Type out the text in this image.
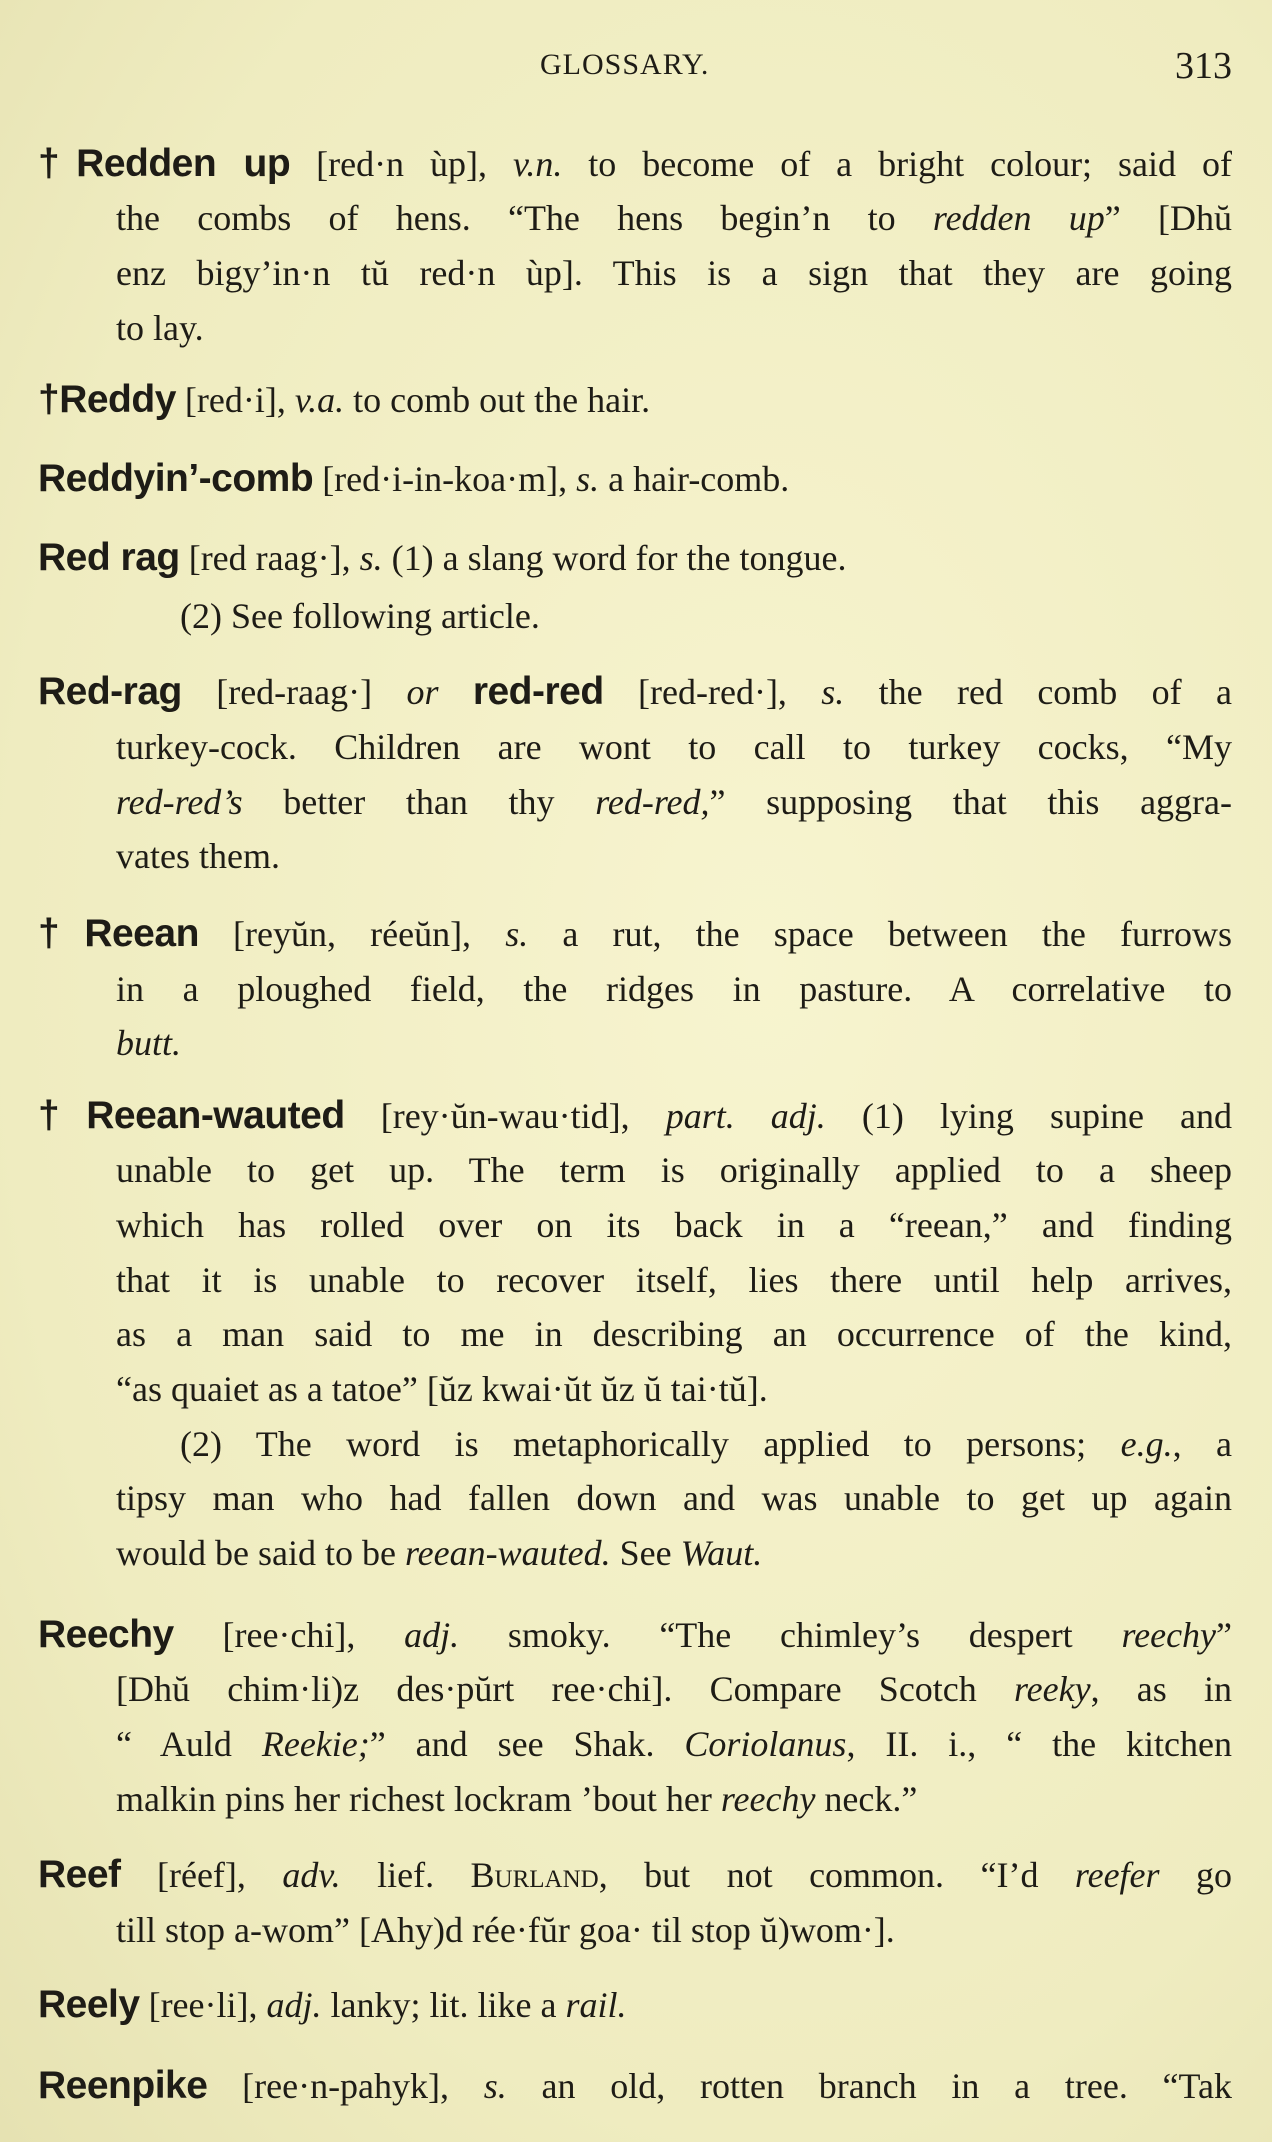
GLOSSARY.	313
†Redden up [red·n ùp], v.n. to become of a bright colour; said of
the combs of hens. “The hens begin’n to redden up” [Dhŭ
enz bigy’in·n tŭ red·n ùp]. This is a sign that they are going
to lay.
†Reddy [red·i], v.a. to comb out the hair.
Reddyin’-comb [red·i-in-koa·m], s. a hair-comb.
Red rag [red raag·], s. (1) a slang word for the tongue.
(2) See following article.
Red-rag [red-raag·] or red-red [red-red·], s. the red comb of a
turkey-cock. Children are wont to call to turkey cocks, “My
red-red’s better than thy red-red,” supposing that this aggra-
vates them.
†Reean [reyŭn, réeŭn], s. a rut, the space between the furrows
in a ploughed field, the ridges in pasture. A correlative to
butt.
†Reean-wauted [rey·ŭn-wau·tid], part. adj. (1) lying supine and
unable to get up. The term is originally applied to a sheep
which has rolled over on its back in a “reean,” and finding
that it is unable to recover itself, lies there until help arrives,
as a man said to me in describing an occurrence of the kind,
“as quaiet as a tatoe” [ŭz kwai·ŭt ŭz ŭ tai·tŭ].
(2) The word is metaphorically applied to persons; e.g., a
tipsy man who had fallen down and was unable to get up again
would be said to be reean-wauted. See Waut.
Reechy [ree·chi], adj. smoky. “The chimley’s despert reechy”
[Dhŭ chim·li)z des·pŭrt ree·chi]. Compare Scotch reeky, as in
“ Auld Reekie;” and see Shak. Coriolanus, II. i., “ the kitchen
malkin pins her richest lockram ’bout her reechy neck.”
Reef [réef], adv. lief. Burland, but not common. “I’d reefer go
till stop a-wom” [Ahy)d rée·fŭr goa· til stop ŭ)wom·].
Reely [ree·li], adj. lanky; lit. like a rail.
Reenpike [ree·n-pahyk], s. an old, rotten branch in a tree. “Tak
